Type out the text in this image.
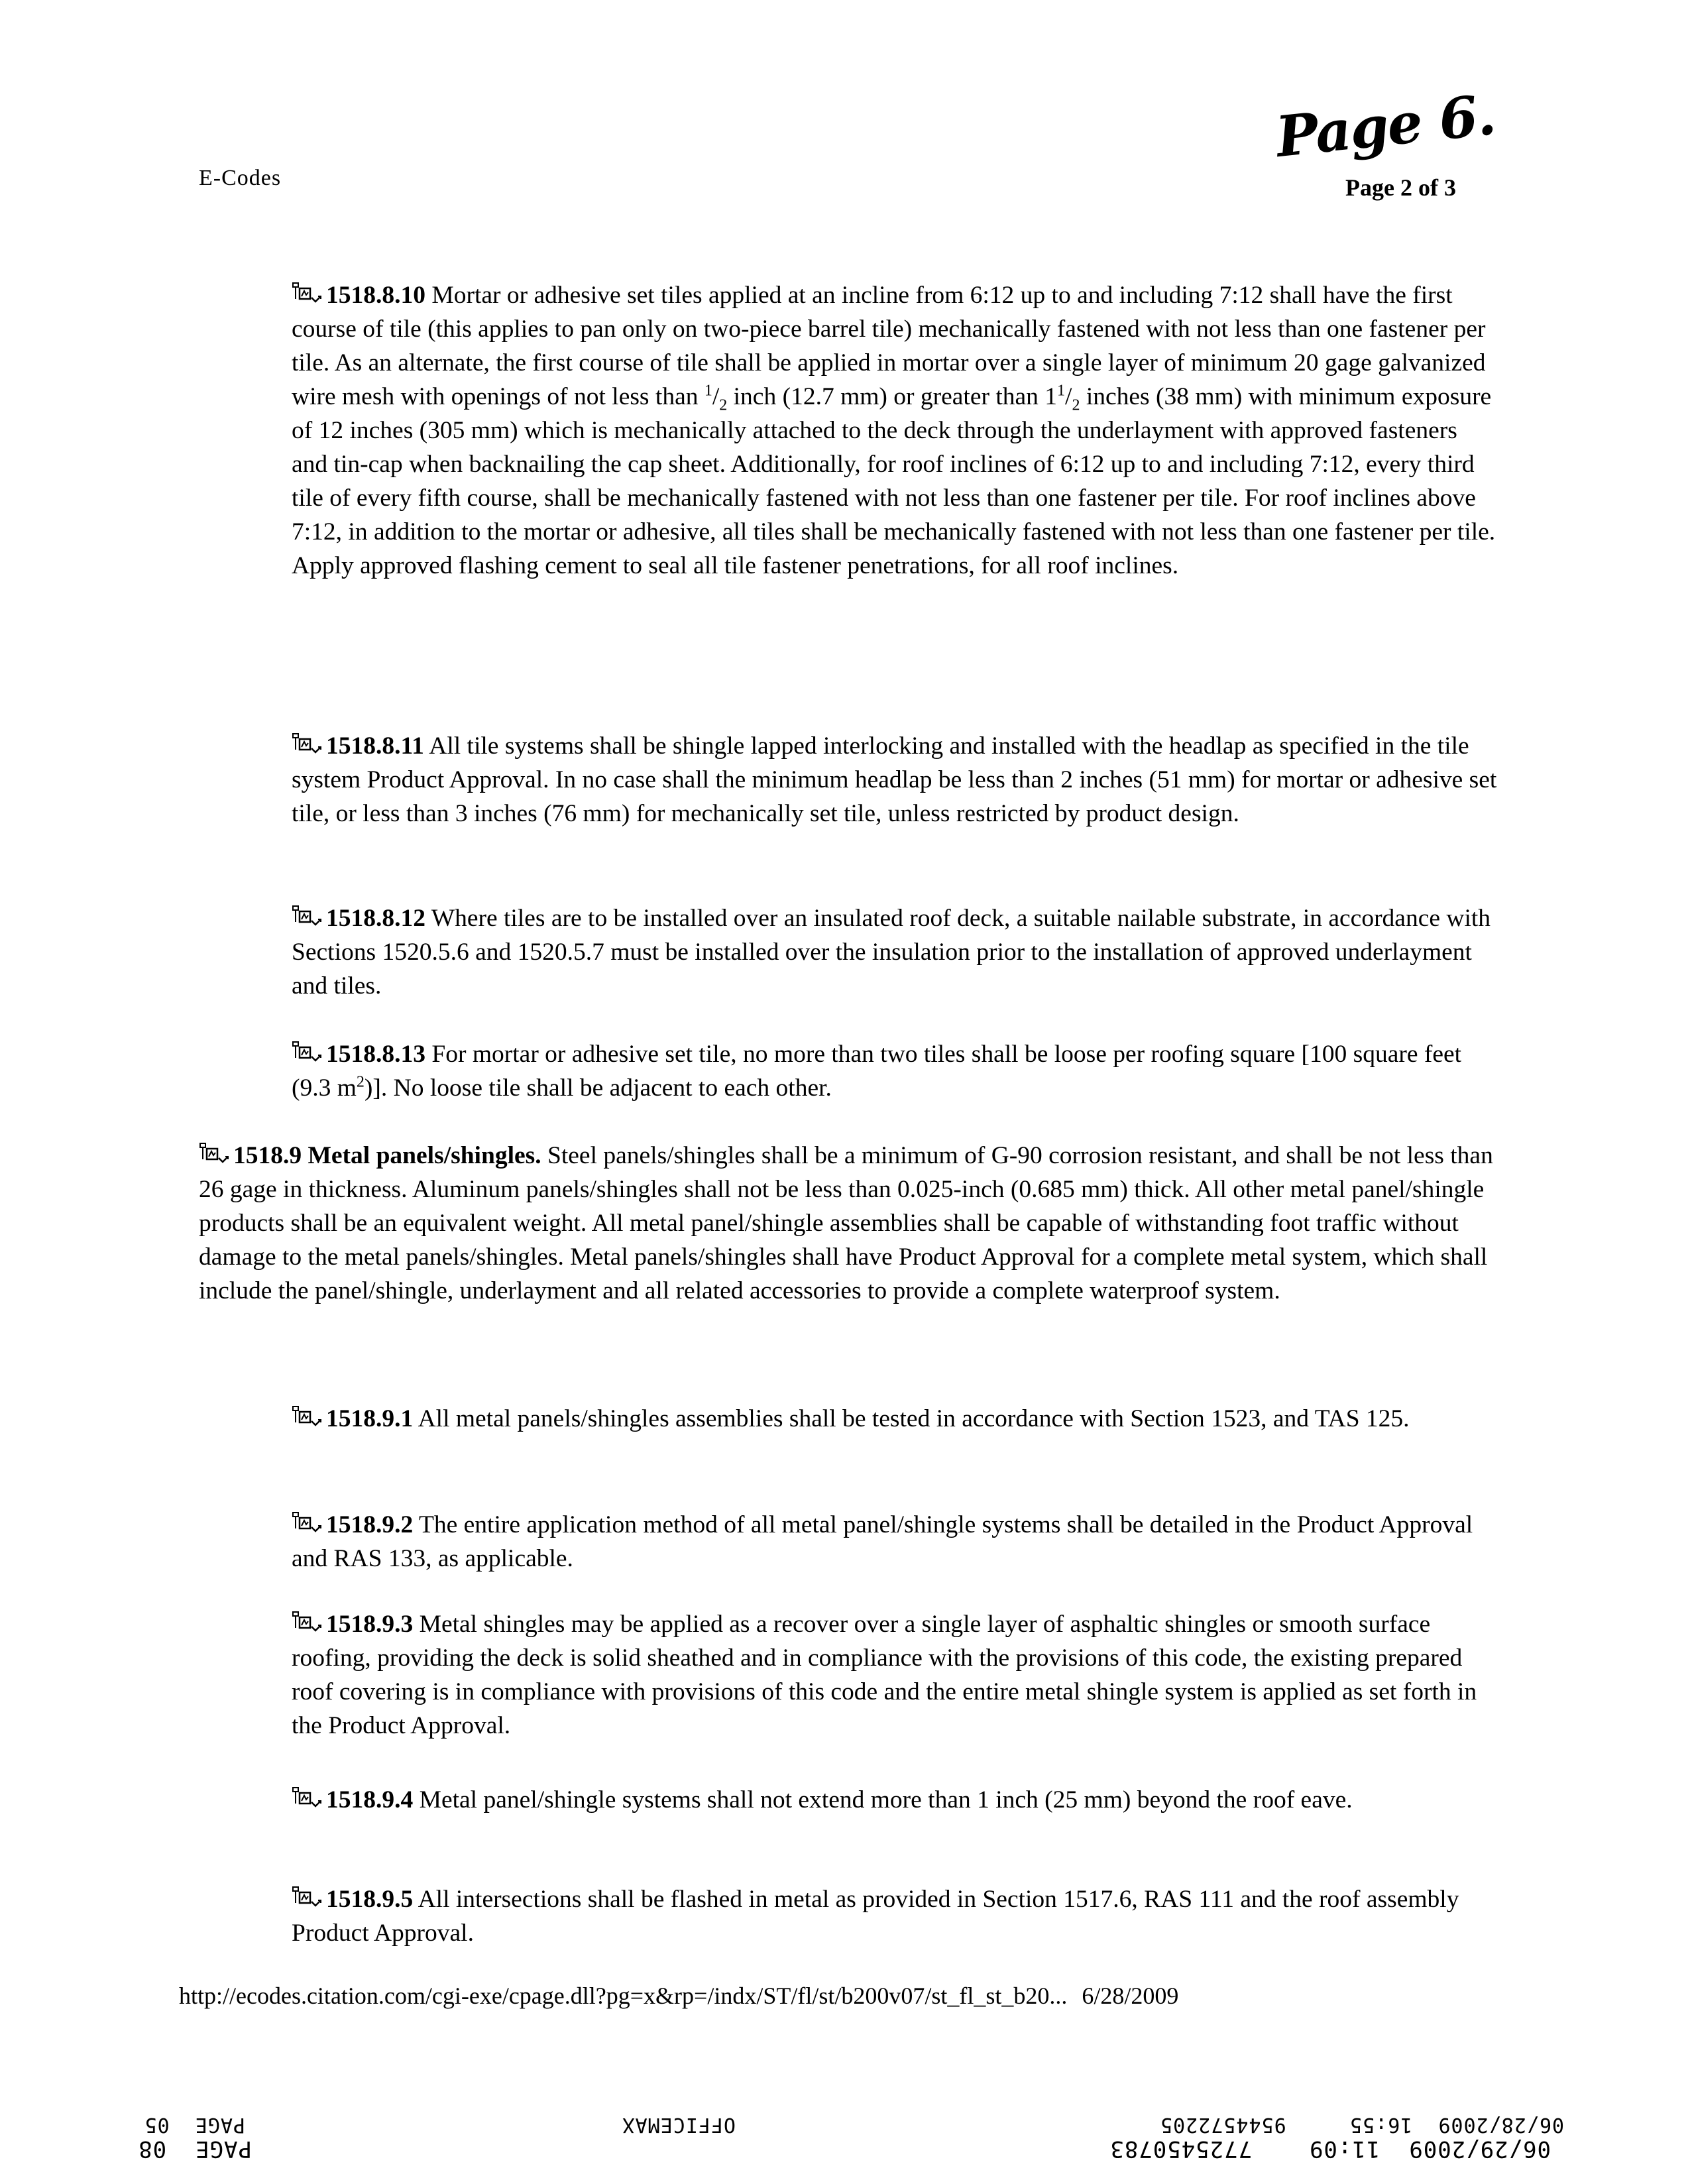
E-Codes
Page 6.
Page 2 of 3
1518.8.10 Mortar or adhesive set tiles applied at an incline from 6:12 up to and including 7:12 shall have the first course of tile (this applies to pan only on two-piece barrel tile) mechanically fastened with not less than one fastener per tile. As an alternate, the first course of tile shall be applied in mortar over a single layer of minimum 20 gage galvanized wire mesh with openings of not less than $^1/_2$ inch (12.7 mm) or greater than $1^1/_2$ inches (38 mm) with minimum exposure of 12 inches (305 mm) which is mechanically attached to the deck through the underlayment with approved fasteners and tin-cap when backnailing the cap sheet. Additionally, for roof inclines of 6:12 up to and including 7:12, every third tile of every fifth course, shall be mechanically fastened with not less than one fastener per tile. For roof inclines above 7:12, in addition to the mortar or adhesive, all tiles shall be mechanically fastened with not less than one fastener per tile. Apply approved flashing cement to seal all tile fastener penetrations, for all roof inclines.
1518.8.11 All tile systems shall be shingle lapped interlocking and installed with the headlap as specified in the tile system Product Approval. In no case shall the minimum headlap be less than 2 inches (51 mm) for mortar or adhesive set tile, or less than 3 inches (76 mm) for mechanically set tile, unless restricted by product design.
1518.8.12 Where tiles are to be installed over an insulated roof deck, a suitable nailable substrate, in accordance with Sections 1520.5.6 and 1520.5.7 must be installed over the insulation prior to the installation of approved underlayment and tiles.
1518.8.13 For mortar or adhesive set tile, no more than two tiles shall be loose per roofing square [100 square feet (9.3 $m^2$)]. No loose tile shall be adjacent to each other.
1518.9 Metal panels/shingles. Steel panels/shingles shall be a minimum of G-90 corrosion resistant, and shall be not less than 26 gage in thickness. Aluminum panels/shingles shall not be less than 0.025-inch (0.685 mm) thick. All other metal panel/shingle products shall be an equivalent weight. All metal panel/shingle assemblies shall be capable of withstanding foot traffic without damage to the metal panels/shingles. Metal panels/shingles shall have Product Approval for a complete metal system, which shall include the panel/shingle, underlayment and all related accessories to provide a complete waterproof system.
1518.9.1 All metal panels/shingles assemblies shall be tested in accordance with Section 1523, and TAS 125.
1518.9.2 The entire application method of all metal panel/shingle systems shall be detailed in the Product Approval and RAS 133, as applicable.
1518.9.3 Metal shingles may be applied as a recover over a single layer of asphaltic shingles or smooth surface roofing, providing the deck is solid sheathed and in compliance with the provisions of this code, the existing prepared roof covering is in compliance with provisions of this code and the entire metal shingle system is applied as set forth in the Product Approval.
1518.9.4 Metal panel/shingle systems shall not extend more than 1 inch (25 mm) beyond the roof eave.
1518.9.5 All intersections shall be flashed in metal as provided in Section 1517.6, RAS 111 and the roof assembly Product Approval.
http://ecodes.citation.com/cgi-exe/cpage.dll?pg=x&rp=/indx/ST/fl/st/b200v07/st_fl_st_b20... 6/28/2009
06/28/2009  16:55     9544572205
OFFICEMAX
PAGE  05
06/29/2009  11:09    7725450783
PAGE  08
